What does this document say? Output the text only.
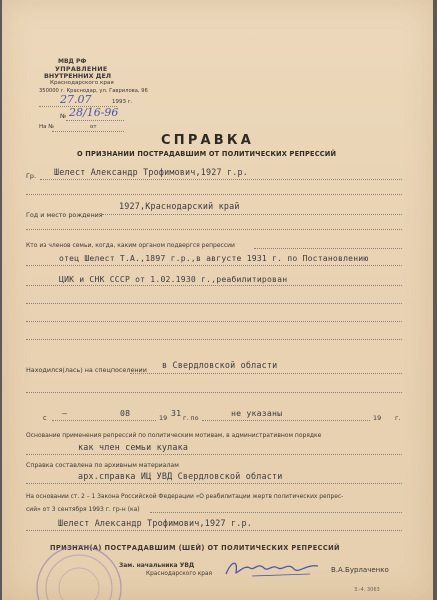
МВД РФ
УПРАВЛЕНИЕ
ВНУТРЕННИХ ДЕЛ
Краснодарского края
350000 г. Краснодар, ул. Гаврилова, 96
27.07	1993 г.
№ 28/16-96
На №	от
СПРАВКА
О ПРИЗНАНИИ ПОСТРАДАВШИМ ОТ ПОЛИТИЧЕСКИХ РЕПРЕССИЙ
Гр. Шелест Александр Трофимович,1927 г.р.
Год и место рождения
1927,Краснодарский край
Кто из членов семьи, когда, каким органом подвергся репрессии
отец Шелест Т.А.,1897 г.р.,в августе 1931 г. по Постановлению
ЦИК и СНК СССР от 1.02.1930 г.,реабилитирован
Находился(лась) на спецпоселении в Свердловской области
с –	08	19 31 г. по	не указаны	19 г.
Основание применения репрессий по политическим мотивам, в административном порядке
как член семьи кулака
Справка составлена по архивным материалам
арх.справка ИЦ УВД Свердловской области
На основании ст. 2 – 1 Закона Российской Федерации «О реабилитации жертв политических репрес-
сий» от 3 сентября 1993 г. гр-н (ка)
Шелест Александр Трофимович,1927 г.р.
ПРИЗНАН(А) ПОСТРАДАВШИМ (ШЕЙ) ОТ ПОЛИТИЧЕСКИХ РЕПРЕССИЙ
Зам. начальника УВД
Краснодарского края	В.А.Бурлаченко
З.-4. 3063
